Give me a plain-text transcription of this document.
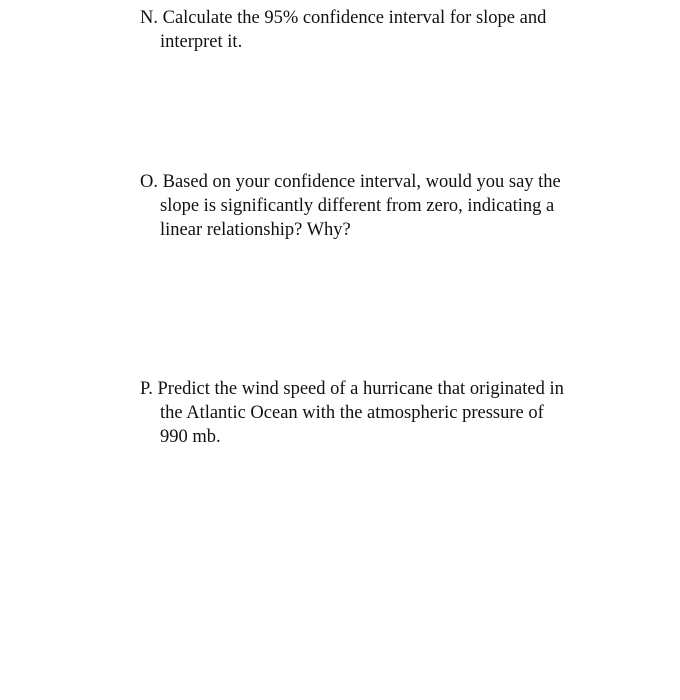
N. Calculate the 95% confidence interval for slope and
interpret it.
O. Based on your confidence interval, would you say the
slope is significantly different from zero, indicating a
linear relationship? Why?
P. Predict the wind speed of a hurricane that originated in
the Atlantic Ocean with the atmospheric pressure of
990 mb.
